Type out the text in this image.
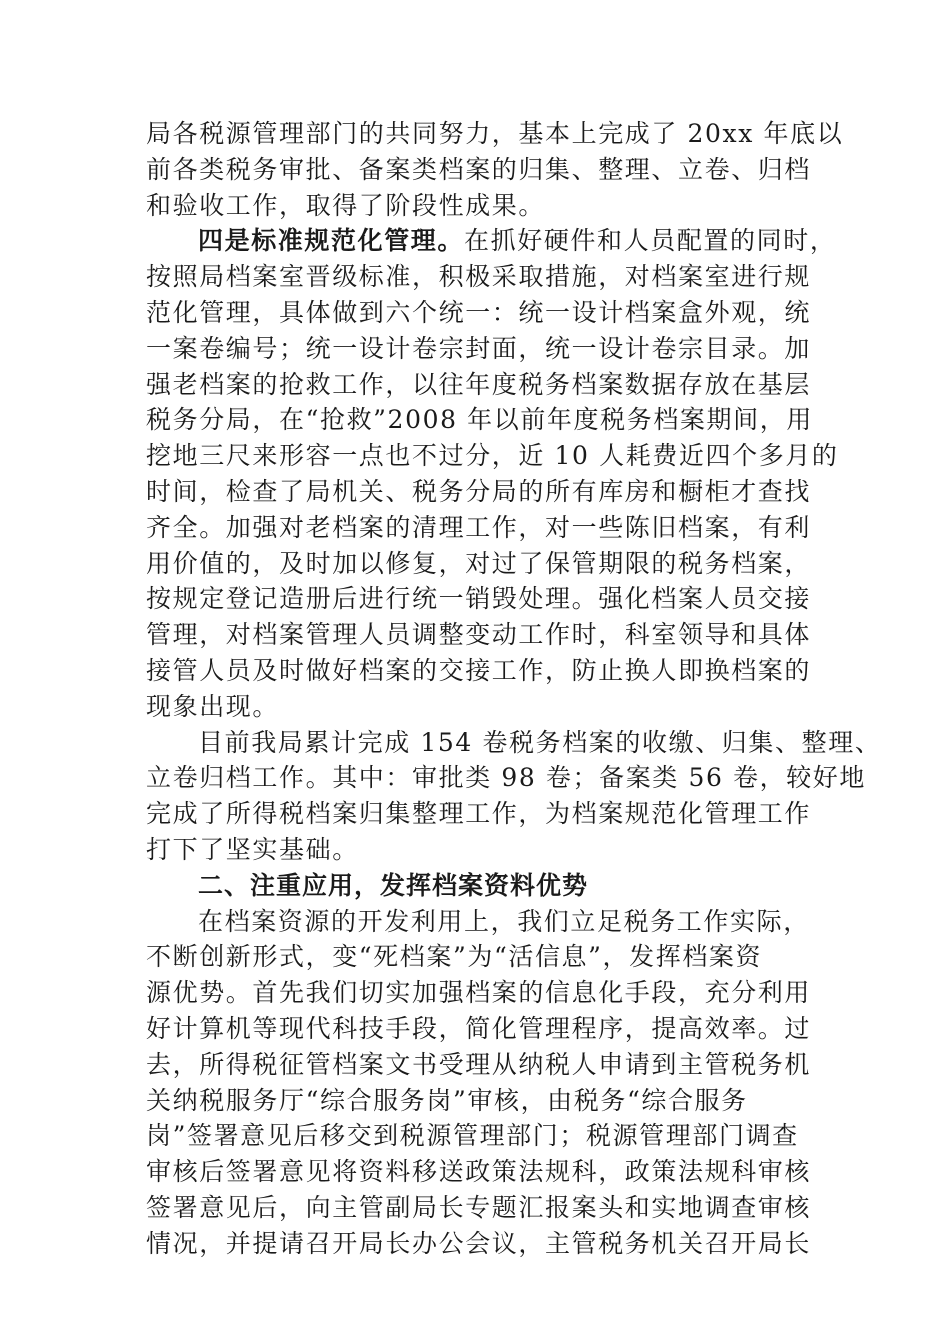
局各税源管理部门的共同努力，基本上完成了 20xx 年底以
前各类税务审批、备案类档案的归集、整理、立卷、归档
和验收工作，取得了阶段性成果。
四是标准规范化管理。在抓好硬件和人员配置的同时，
按照局档案室晋级标准，积极采取措施，对档案室进行规
范化管理，具体做到六个统一：统一设计档案盒外观，统
一案卷编号；统一设计卷宗封面，统一设计卷宗目录。加
强老档案的抢救工作，以往年度税务档案数据存放在基层
税务分局，在“抢救”2008 年以前年度税务档案期间，用
挖地三尺来形容一点也不过分，近 10 人耗费近四个多月的
时间，检查了局机关、税务分局的所有库房和橱柜才查找
齐全。加强对老档案的清理工作，对一些陈旧档案，有利
用价值的，及时加以修复，对过了保管期限的税务档案，
按规定登记造册后进行统一销毁处理。强化档案人员交接
管理，对档案管理人员调整变动工作时，科室领导和具体
接管人员及时做好档案的交接工作，防止换人即换档案的
现象出现。
目前我局累计完成 154 卷税务档案的收缴、归集、整理、
立卷归档工作。其中：审批类 98 卷；备案类 56 卷，较好地
完成了所得税档案归集整理工作，为档案规范化管理工作
打下了坚实基础。
二、注重应用，发挥档案资料优势
在档案资源的开发利用上，我们立足税务工作实际，
不断创新形式，变“死档案”为“活信息”，发挥档案资
源优势。首先我们切实加强档案的信息化手段，充分利用
好计算机等现代科技手段，简化管理程序，提高效率。过
去，所得税征管档案文书受理从纳税人申请到主管税务机
关纳税服务厅“综合服务岗”审核，由税务“综合服务
岗”签署意见后移交到税源管理部门；税源管理部门调查
审核后签署意见将资料移送政策法规科，政策法规科审核
签署意见后，向主管副局长专题汇报案头和实地调查审核
情况，并提请召开局长办公会议，主管税务机关召开局长
